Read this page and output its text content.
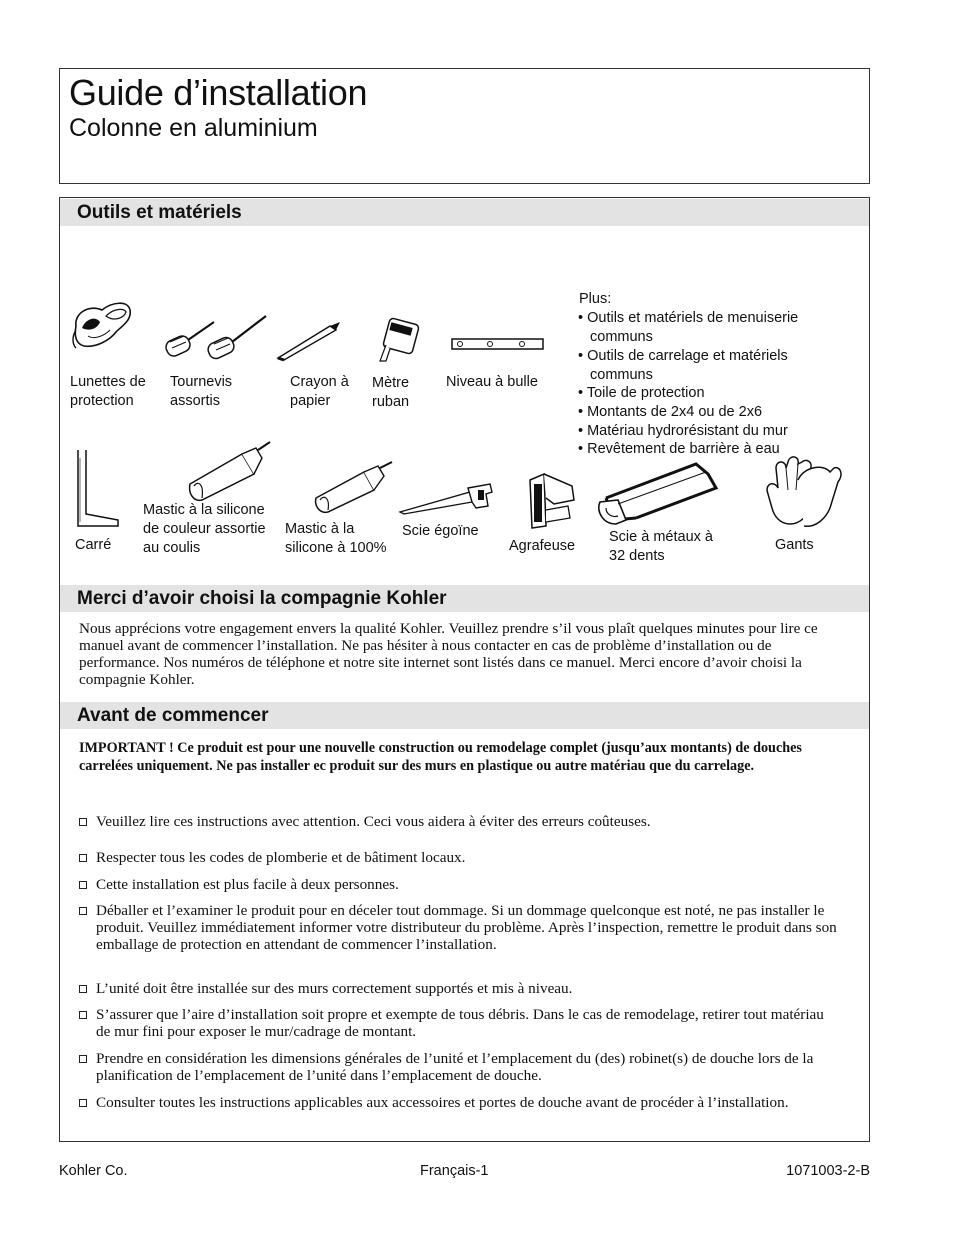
Guide d’installation
Colonne en aluminium
Outils et matériels
Lunettes de protection
Tournevis assortis
Crayon à papier
Mètre ruban
Niveau à bulle
Plus:
• Outils et matériels de menuiserie
communs
• Outils de carrelage et matériels
communs
• Toile de protection
• Montants de 2x4 ou de 2x6
• Matériau hydrorésistant du mur
• Revêtement de barrière à eau
Carré
Mastic à la silicone de couleur assortie au coulis
Mastic à la silicone à 100%
Scie égoïne
Agrafeuse
Scie à métaux à 32 dents
Gants
Merci d’avoir choisi la compagnie Kohler
Nous apprécions votre engagement envers la qualité Kohler. Veuillez prendre s’il vous plaît quelques minutes pour lire ce manuel avant de commencer l’installation. Ne pas hésiter à nous contacter en cas de problème d’installation ou de performance. Nos numéros de téléphone et notre site internet sont listés dans ce manuel. Merci encore d’avoir choisi la compagnie Kohler.
Avant de commencer
IMPORTANT ! Ce produit est pour une nouvelle construction ou remodelage complet (jusqu’aux montants) de douches carrelées uniquement. Ne pas installer ec produit sur des murs en plastique ou autre matériau que du carrelage.
Veuillez lire ces instructions avec attention. Ceci vous aidera à éviter des erreurs coûteuses.
Respecter tous les codes de plomberie et de bâtiment locaux.
Cette installation est plus facile à deux personnes.
Déballer et l’examiner le produit pour en déceler tout dommage. Si un dommage quelconque est noté, ne pas installer le produit. Veuillez immédiatement informer votre distributeur du problème. Après l’inspection, remettre le produit dans son emballage de protection en attendant de commencer l’installation.
L’unité doit être installée sur des murs correctement supportés et mis à niveau.
S’assurer que l’aire d’installation soit propre et exempte de tous débris. Dans le cas de remodelage, retirer tout matériau de mur fini pour exposer le mur/cadrage de montant.
Prendre en considération les dimensions générales de l’unité et l’emplacement du (des) robinet(s) de douche lors de la planification de l’emplacement de l’unité dans l’emplacement de douche.
Consulter toutes les instructions applicables aux accessoires et portes de douche avant de procéder à l’installation.
Kohler Co.	Français-1	1071003-2-B
